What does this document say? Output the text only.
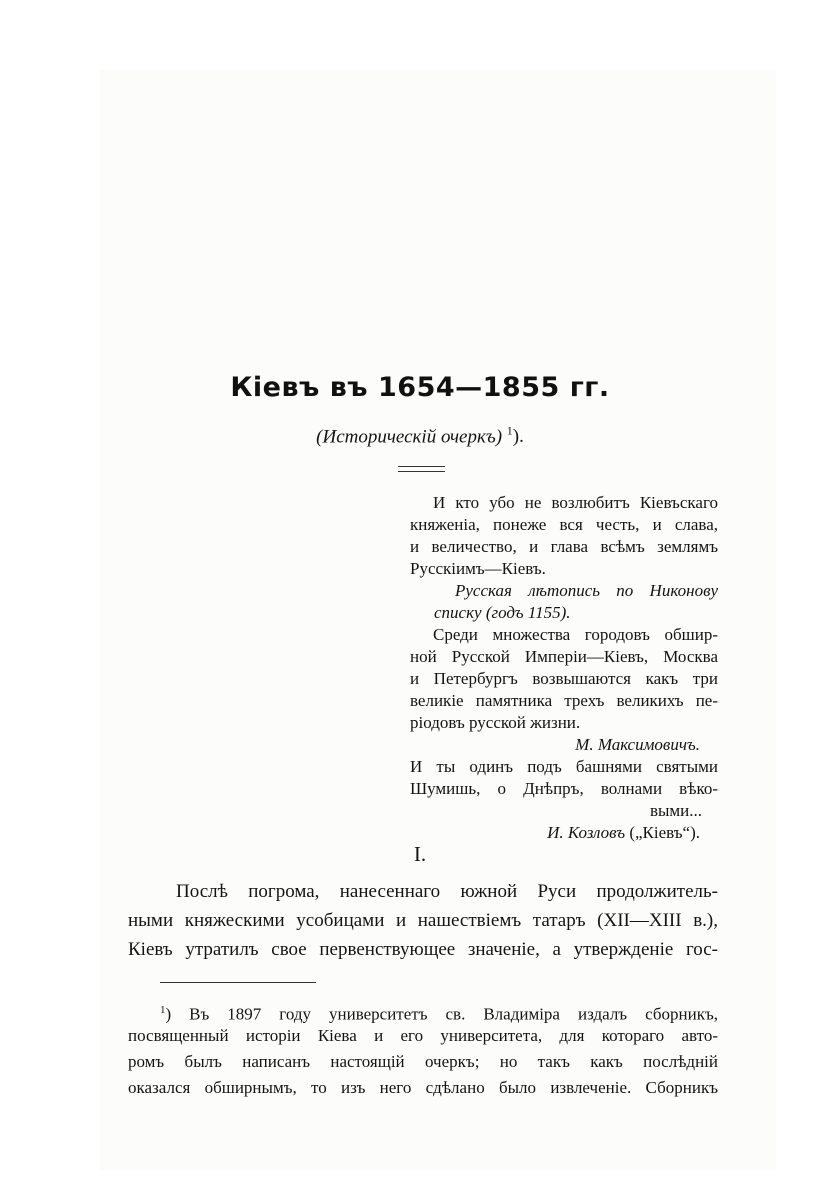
Кіевъ въ 1654—1855 гг.
(Историческій очеркъ) $^1$).
И кто убо не возлюбитъ Кіевъскаго
княженіа, понеже вся честь, и слава,
и величество, и глава всѣмъ землямъ
Русскіимъ—Кіевъ.
Русская лѣтопись по Никонову
списку (годъ 1155).
Среди множества городовъ обшир-
ной Русской Имперіи—Кіевъ, Москва
и Петербургъ возвышаются какъ три
великіе памятника трехъ великихъ пе-
ріодовъ русской жизни.
М. Максимовичъ.
И ты одинъ подъ башнями святыми
Шумишь, о Днѣпръ, волнами вѣко-
выми...
И. Козловъ („Кіевъ“).
I.
Послѣ погрома, нанесеннаго южной Руси продолжитель-
ными княжескими усобицами и нашествіемъ татаръ (XII—XIII в.),
Кіевъ утратилъ свое первенствующее значеніе, а утвержденіе гос-
$^1$) Въ 1897 году университетъ св. Владиміра издалъ сборникъ,
посвященный исторіи Кіева и его университета, для котораго авто-
ромъ былъ написанъ настоящій очеркъ; но такъ какъ послѣдній
оказался обширнымъ, то изъ него сдѣлано было извлеченіе. Сборникъ
